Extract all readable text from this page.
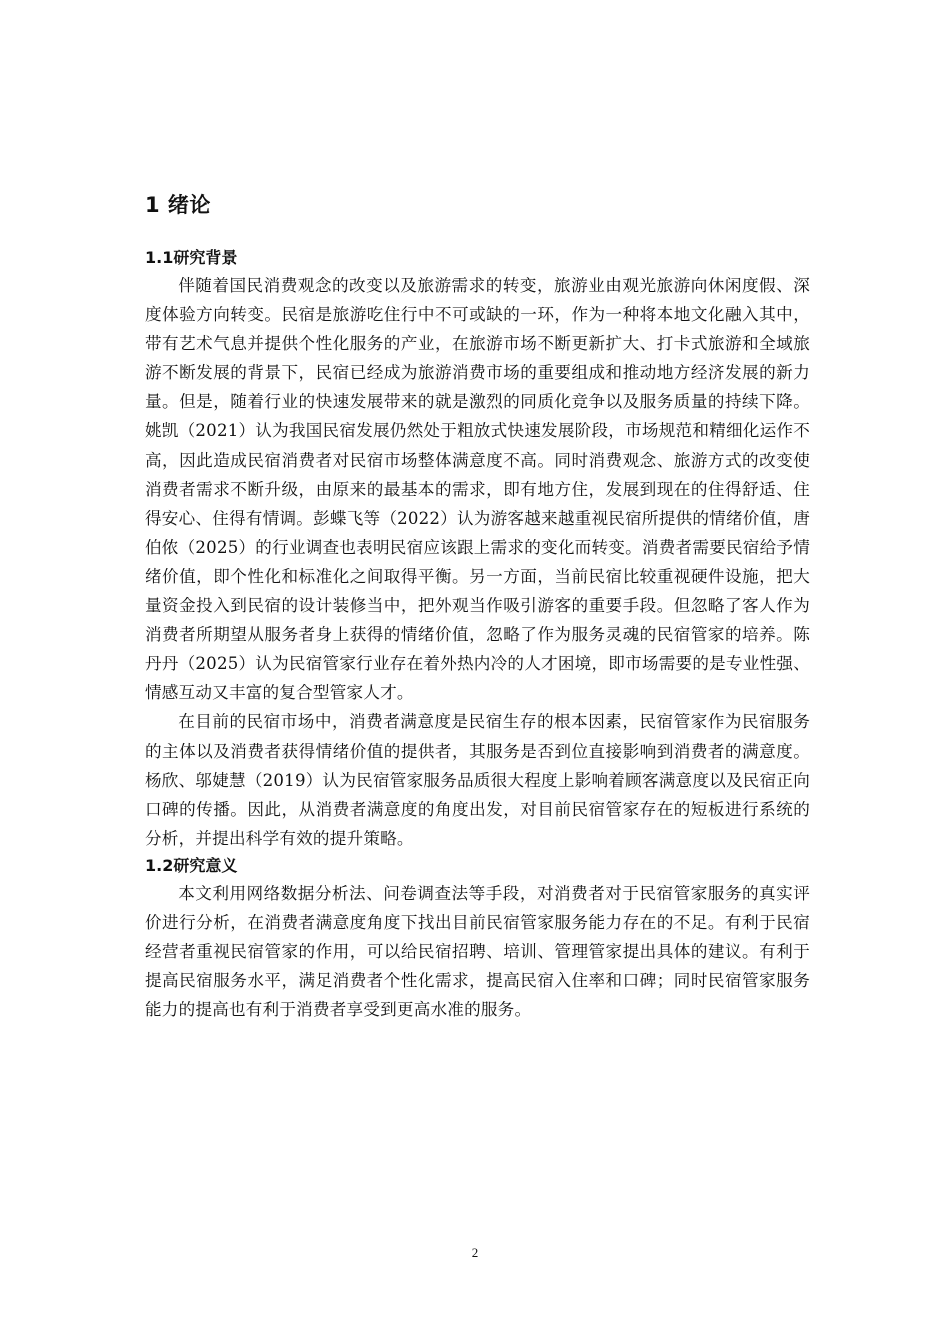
1 绪论
1.1研究背景

伴随着国民消费观念的改变以及旅游需求的转变，旅游业由观光旅游向休闲度假、深度体验方向转变。民宿是旅游吃住行中不可或缺的一环，作为一种将本地文化融入其中，带有艺术气息并提供个性化服务的产业，在旅游市场不断更新扩大、打卡式旅游和全域旅游不断发展的背景下，民宿已经成为旅游消费市场的重要组成和推动地方经济发展的新力量。但是，随着行业的快速发展带来的就是激烈的同质化竞争以及服务质量的持续下降。姚凯（2021）认为我国民宿发展仍然处于粗放式快速发展阶段，市场规范和精细化运作不高，因此造成民宿消费者对民宿市场整体满意度不高。同时消费观念、旅游方式的改变使消费者需求不断升级，由原来的最基本的需求，即有地方住，发展到现在的住得舒适、住得安心、住得有情调。彭蝶飞等（2022）认为游客越来越重视民宿所提供的情绪价值，唐伯侬（2025）的行业调查也表明民宿应该跟上需求的变化而转变。消费者需要民宿给予情绪价值，即个性化和标准化之间取得平衡。另一方面，当前民宿比较重视硬件设施，把大量资金投入到民宿的设计装修当中，把外观当作吸引游客的重要手段。但忽略了客人作为消费者所期望从服务者身上获得的情绪价值，忽略了作为服务灵魂的民宿管家的培养。陈丹丹（2025）认为民宿管家行业存在着外热内冷的人才困境，即市场需要的是专业性强、情感互动又丰富的复合型管家人才。

在目前的民宿市场中，消费者满意度是民宿生存的根本因素，民宿管家作为民宿服务的主体以及消费者获得情绪价值的提供者，其服务是否到位直接影响到消费者的满意度。杨欣、邬婕慧（2019）认为民宿管家服务品质很大程度上影响着顾客满意度以及民宿正向口碑的传播。因此，从消费者满意度的角度出发，对目前民宿管家存在的短板进行系统的分析，并提出科学有效的提升策略。

1.2研究意义

本文利用网络数据分析法、问卷调查法等手段，对消费者对于民宿管家服务的真实评价进行分析，在消费者满意度角度下找出目前民宿管家服务能力存在的不足。有利于民宿经营者重视民宿管家的作用，可以给民宿招聘、培训、管理管家提出具体的建议。有利于提高民宿服务水平，满足消费者个性化需求，提高民宿入住率和口碑；同时民宿管家服务能力的提高也有利于消费者享受到更高水准的服务。

2
